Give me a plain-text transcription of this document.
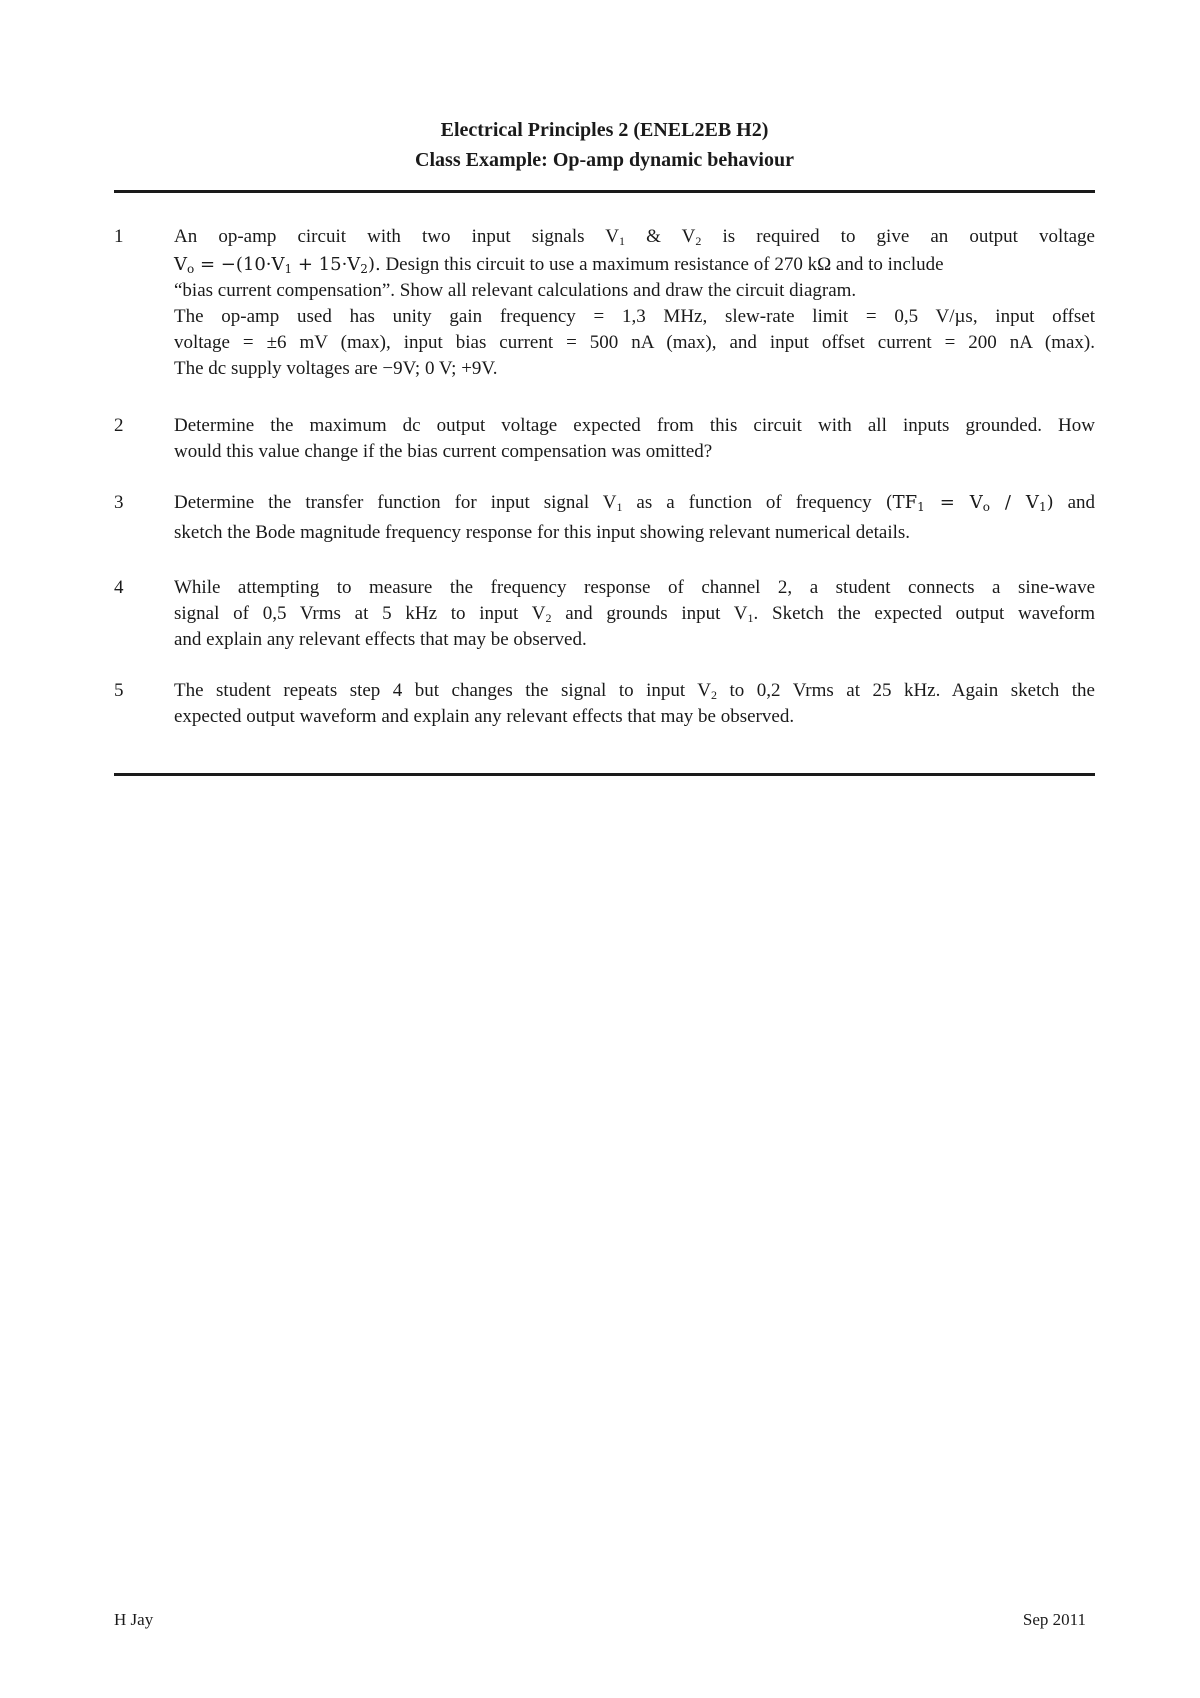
Electrical Principles 2 (ENEL2EB H2)
Class Example: Op-amp dynamic behaviour
1	An op-amp circuit with two input signals $V_1$ & $V_2$ is required to give an output voltage
$V_o = -(10\cdot V_1 + 15\cdot V_2)$. Design this circuit to use a maximum resistance of 270 kΩ and to include
“bias current compensation”. Show all relevant calculations and draw the circuit diagram.
The op-amp used has unity gain frequency = 1,3 MHz, slew-rate limit = 0,5 V/µs, input offset
voltage = ±6 mV (max), input bias current = 500 nA (max), and input offset current = 200 nA (max).
The dc supply voltages are −9V; 0 V; +9V.
2	Determine the maximum dc output voltage expected from this circuit with all inputs grounded. How
would this value change if the bias current compensation was omitted?
3	Determine the transfer function for input signal $V_1$ as a function of frequency $(TF_1 = V_o / V_1)$ and
sketch the Bode magnitude frequency response for this input showing relevant numerical details.
4	While attempting to measure the frequency response of channel 2, a student connects a sine-wave
signal of 0,5 Vrms at 5 kHz to input $V_2$ and grounds input $V_1$. Sketch the expected output waveform
and explain any relevant effects that may be observed.
5	The student repeats step 4 but changes the signal to input $V_2$ to 0,2 Vrms at 25 kHz. Again sketch the
expected output waveform and explain any relevant effects that may be observed.
H Jay	Sep 2011
